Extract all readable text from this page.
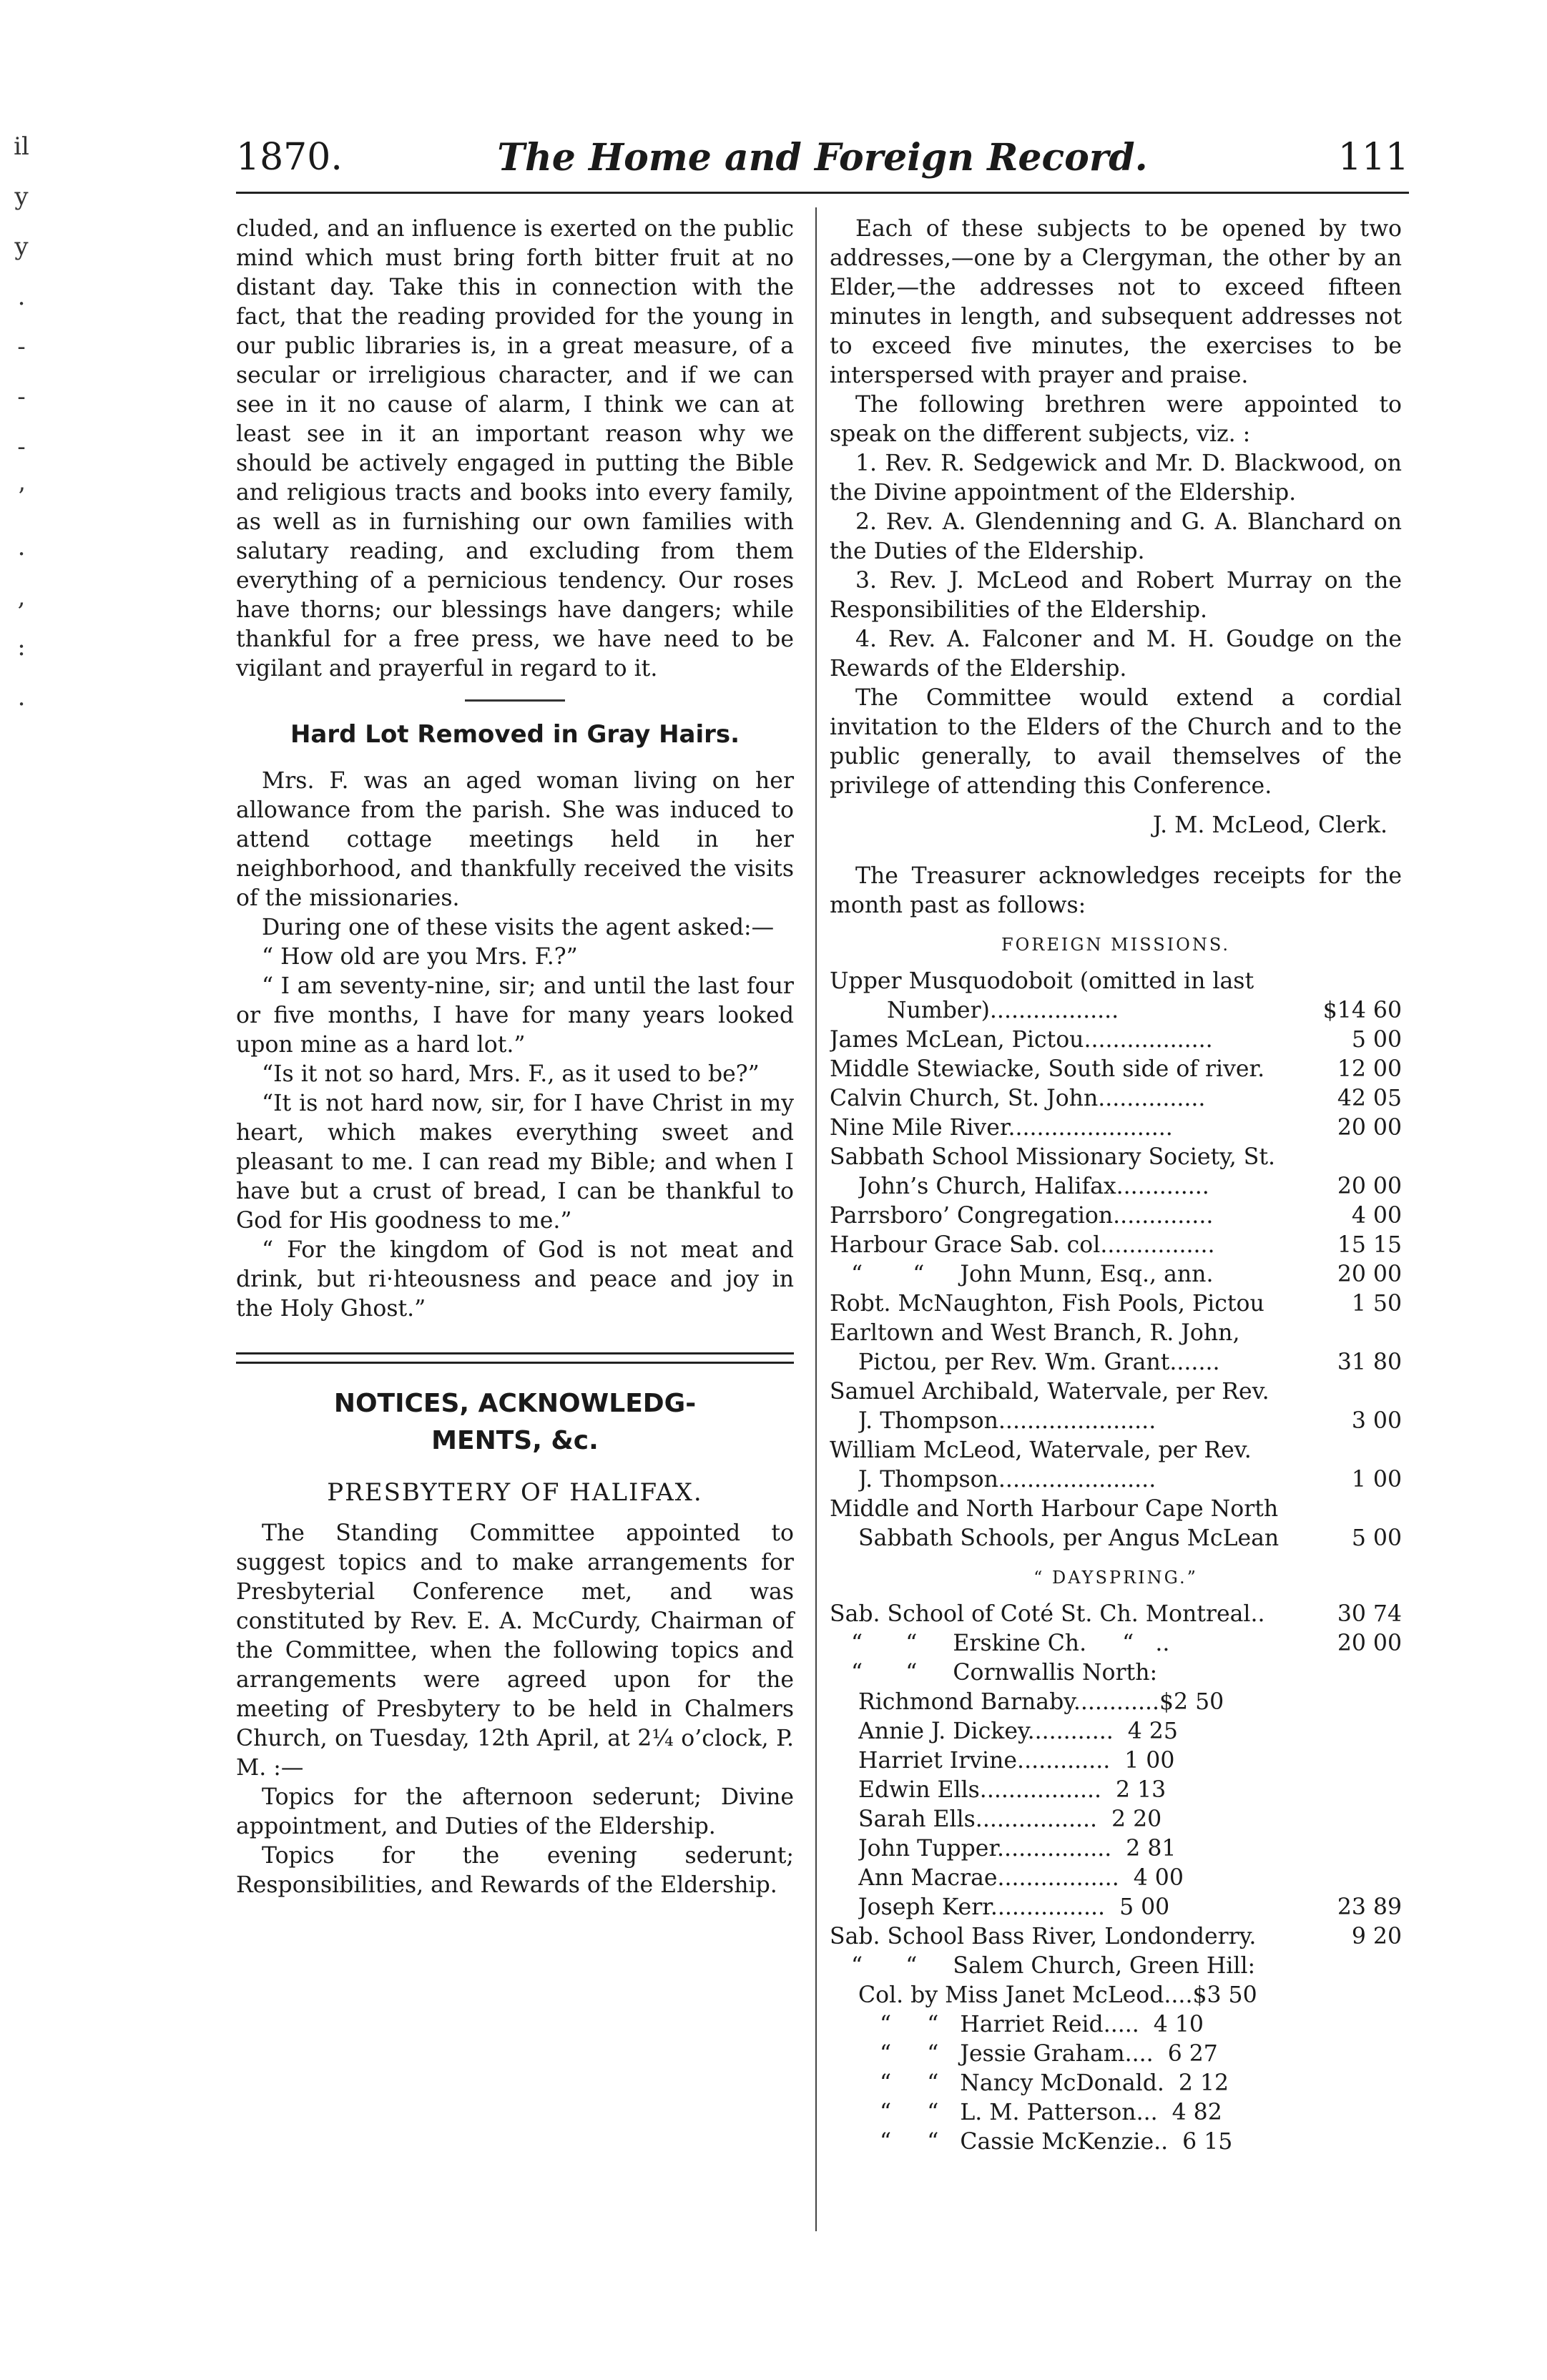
il
y
y
.
-
-
-
’
.
,
:
.
1870.	The Home and Foreign Record.	111

cluded, and an influence is exerted on the public mind which must bring forth bitter fruit at no distant day. Take this in connection with the fact, that the reading provided for the young in our public libraries is, in a great measure, of a secular or irreligious character, and if we can see in it no cause of alarm, I think we can at least see in it an important reason why we should be actively engaged in putting the Bible and religious tracts and books into every family, as well as in furnishing our own families with salutary reading, and excluding from them everything of a pernicious tendency. Our roses have thorns; our blessings have dangers; while thankful for a free press, we have need to be vigilant and prayerful in regard to it.

Hard Lot Removed in Gray Hairs.

Mrs. F. was an aged woman living on her allowance from the parish. She was induced to attend cottage meetings held in her neighborhood, and thankfully received the visits of the missionaries.

During one of these visits the agent asked:—

“ How old are you Mrs. F.?”

“ I am seventy-nine, sir; and until the last four or five months, I have for many years looked upon mine as a hard lot.”

“Is it not so hard, Mrs. F., as it used to be?”

“It is not hard now, sir, for I have Christ in my heart, which makes everything sweet and pleasant to me. I can read my Bible; and when I have but a crust of bread, I can be thankful to God for His goodness to me.”

“ For the kingdom of God is not meat and drink, but ri·hteousness and peace and joy in the Holy Ghost.”

NOTICES, ACKNOWLEDG-
MENTS, &c.
PRESBYTERY OF HALIFAX.

The Standing Committee appointed to suggest topics and to make arrangements for Presbyterial Conference met, and was constituted by Rev. E. A. McCurdy, Chairman of the Committee, when the following topics and arrangements were agreed upon for the meeting of Presbytery to be held in Chalmers Church, on Tuesday, 12th April, at 2¼ o’clock, P. M. :—

Topics for the afternoon sederunt; Divine appointment, and Duties of the Eldership.

Topics for the evening sederunt; Responsibilities, and Rewards of the Eldership.

Each of these subjects to be opened by two addresses,—one by a Clergyman, the other by an Elder,—the addresses not to exceed fifteen minutes in length, and subsequent addresses not to exceed five minutes, the exercises to be interspersed with prayer and praise.

The following brethren were appointed to speak on the different subjects, viz. :

1. Rev. R. Sedgewick and Mr. D. Blackwood, on the Divine appointment of the Eldership.

2. Rev. A. Glendenning and G. A. Blanchard on the Duties of the Eldership.

3. Rev. J. McLeod and Robert Murray on the Responsibilities of the Eldership.

4. Rev. A. Falconer and M. H. Goudge on the Rewards of the Eldership.

The Committee would extend a cordial invitation to the Elders of the Church and to the public generally, to avail themselves of the privilege of attending this Conference.

J. M. McLeod, Clerk.

The Treasurer acknowledges receipts for the month past as follows:

FOREIGN MISSIONS.
Upper Musquodoboit (omitted in last
Number)..................	$14 60
James McLean, Pictou..................	5 00
Middle Stewiacke, South side of river.	12 00
Calvin Church, St. John...............	42 05
Nine Mile River.......................	20 00
Sabbath School Missionary Society, St.
John’s Church, Halifax.............	20 00
Parrsboro’ Congregation..............	4 00
Harbour Grace Sab. col................	15 15
“       “     John Munn, Esq., ann.	20 00
Robt. McNaughton, Fish Pools, Pictou	1 50
Earltown and West Branch, R. John,
Pictou, per Rev. Wm. Grant.......	31 80
Samuel Archibald, Watervale, per Rev.
J. Thompson......................	3 00
William McLeod, Watervale, per Rev.
J. Thompson......................	1 00
Middle and North Harbour Cape North
Sabbath Schools, per Angus McLean	5 00
“ DAYSPRING.”
Sab. School of Coté St. Ch. Montreal..	30 74
“      “     Erskine Ch.     “   ..	20 00
“      “     Cornwallis North:
Richmond Barnaby............$2 50
Annie J. Dickey............  4 25
Harriet Irvine.............  1 00
Edwin Ells.................  2 13
Sarah Ells.................  2 20
John Tupper................  2 81
Ann Macrae.................  4 00
Joseph Kerr................  5 00	23 89
Sab. School Bass River, Londonderry.	9 20
“      “     Salem Church, Green Hill:
Col. by Miss Janet McLeod....$3 50
“     “   Harriet Reid.....  4 10
“     “   Jessie Graham....  6 27
“     “   Nancy McDonald.  2 12
“     “   L. M. Patterson...  4 82
“     “   Cassie McKenzie..  6 15
